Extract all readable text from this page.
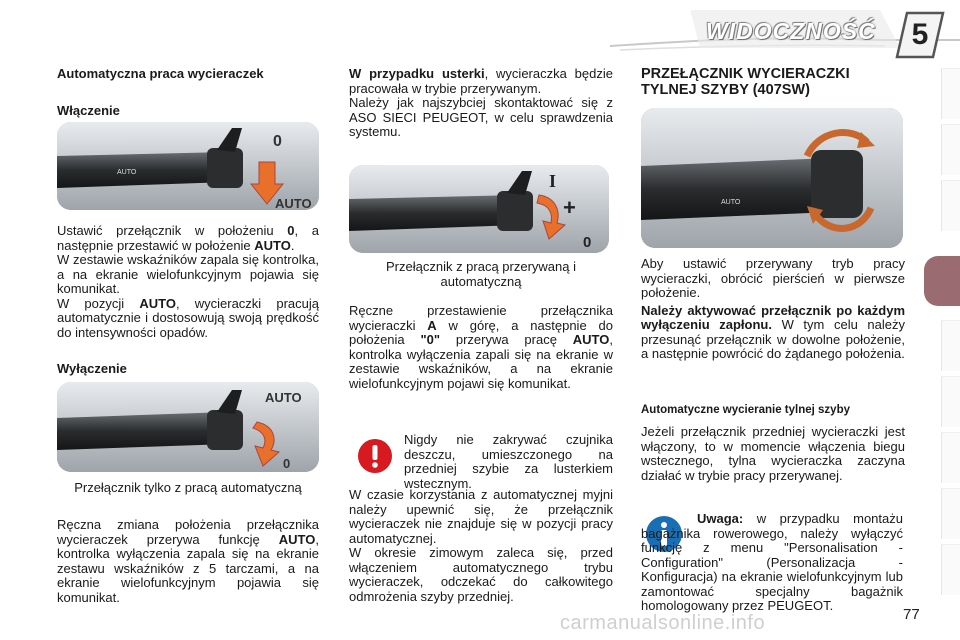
WIDOCZNOŚĆ	5
Automatyczna praca wycieraczek
Włączenie
AUTO
0
AUTO

Ustawić przełącznik w położeniu 0, a następnie przestawić w położenie AUTO.

W zestawie wskaźników zapala się kontrolka, a na ekranie wielofunkcyjnym pojawia się komunikat.

W pozycji AUTO, wycieraczki pracują automatycznie i dostosowują swoją prędkość do intensywności opadów.

Wyłączenie
AUTO
0

Przełącznik tylko z pracą automatyczną

Ręczna zmiana położenia przełącznika wycieraczek przerywa funkcję AUTO, kontrolka wyłączenia zapala się na ekranie zestawu wskaźników z 5 tarczami, a na ekranie wielofunkcyjnym pojawia się komunikat.

W przypadku usterki, wycieraczka będzie pracowała w trybie przerywanym.

Należy jak najszybciej skontaktować się z ASO SIECI PEUGEOT, w celu sprawdzenia systemu.

I
+
0

Przełącznik z pracą przerywaną i automatyczną

Ręczne przestawienie przełącznika wycieraczki A w górę, a następnie do położenia "0" przerywa pracę AUTO, kontrolka wyłączenia zapali się na ekranie w zestawie wskaźników, a na ekranie wielofunkcyjnym pojawi się komunikat.

Nigdy nie zakrywać czujnika deszczu, umieszczonego na przedniej szybie za lusterkiem wstecznym.

W czasie korzystania z automatycznej myjni należy upewnić się, że przełącznik wycieraczek nie znajduje się w pozycji pracy automatycznej.

W okresie zimowym zaleca się, przed włączeniem automatycznego trybu wycieraczek, odczekać do całkowitego odmrożenia szyby przedniej.

PRZEŁĄCZNIK WYCIERACZKI TYLNEJ SZYBY (407SW)
AUTO

Aby ustawić przerywany tryb pracy wycieraczki, obrócić pierścień w pierwsze położenie.

Należy aktywować przełącznik po każdym wyłączeniu zapłonu. W tym celu należy przesunąć przełącznik w dowolne położenie, a następnie powrócić do żądanego położenia.

Automatyczne wycieranie tylnej szyby

Jeżeli przełącznik przedniej wycieraczki jest włączony, to w momencie włączenia biegu wstecznego, tylna wycieraczka zaczyna działać w trybie pracy przerywanej.

Uwaga: w przypadku montażu bagażnika rowerowego, należy wyłączyć funkcję z menu "Personalisation - Configuration" (Personalizacja - Konfiguracja) na ekranie wielofunkcyjnym lub zamontować specjalny bagażnik homologowany przez PEUGEOT.

carmanualsonline.info	77
